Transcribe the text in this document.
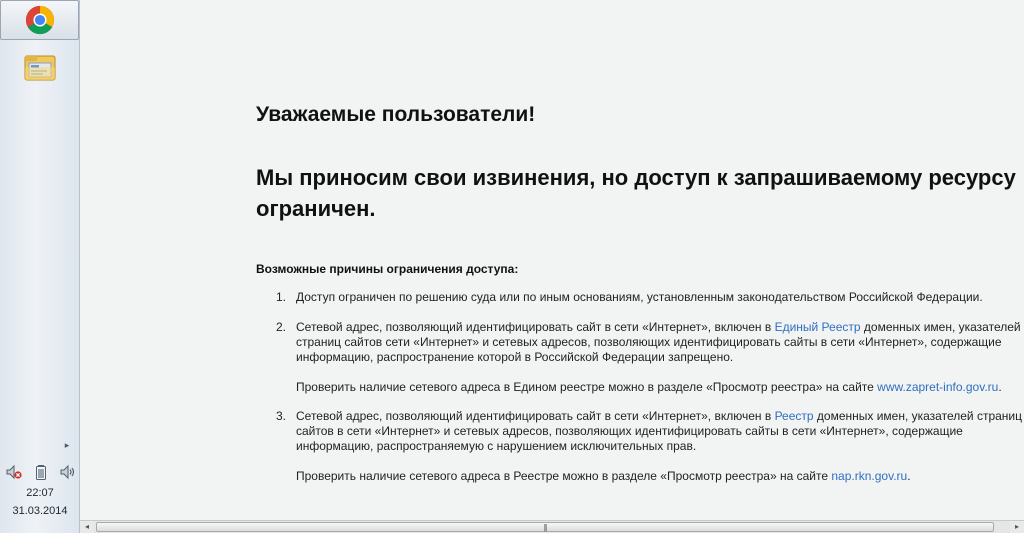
▸
22:07
31.03.2014
Уважаемые пользователи!
Мы приносим свои извинения, но доступ к запрашиваемому ресурсу ограничен.
Возможные причины ограничения доступа:
1. Доступ ограничен по решению суда или по иным основаниям, установленным законодательством Российской Федерации.
2. Сетевой адрес, позволяющий идентифицировать сайт в сети «Интернет», включен в Единый Реестр доменных имен, указателей
страниц сайтов сети «Интернет» и сетевых адресов, позволяющих идентифицировать сайты в сети «Интернет», содержащие
информацию, распространение которой в Российской Федерации запрещено.
Проверить наличие сетевого адреса в Едином реестре можно в разделе «Просмотр реестра» на сайте www.zapret-info.gov.ru.
3. Сетевой адрес, позволяющий идентифицировать сайт в сети «Интернет», включен в Реестр доменных имен, указателей страниц
сайтов в сети «Интернет» и сетевых адресов, позволяющих идентифицировать сайты в сети «Интернет», содержащие
информацию, распространяемую с нарушением исключительных прав.
Проверить наличие сетевого адреса в Реестре можно в разделе «Просмотр реестра» на сайте nap.rkn.gov.ru.
◂	|||	▸
